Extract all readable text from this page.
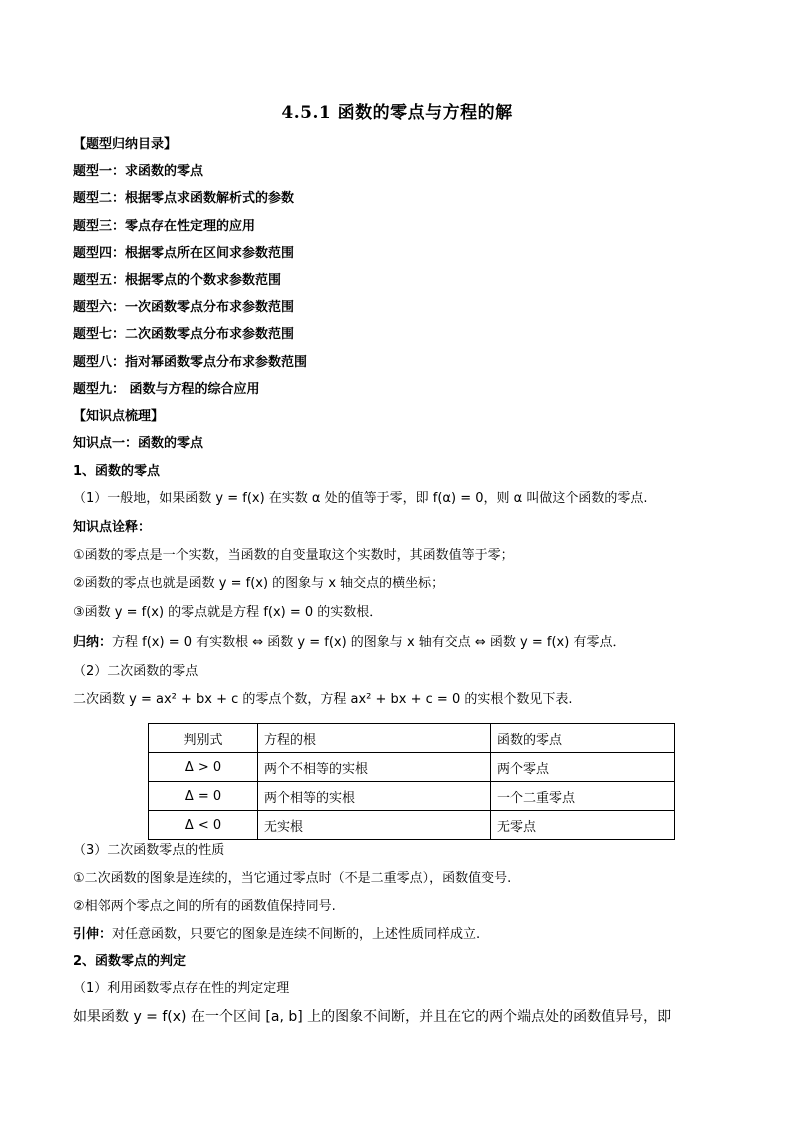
4.5.1 函数的零点与方程的解
【题型归纳目录】
题型一：求函数的零点
题型二：根据零点求函数解析式的参数
题型三：零点存在性定理的应用
题型四：根据零点所在区间求参数范围
题型五：根据零点的个数求参数范围
题型六：一次函数零点分布求参数范围
题型七：二次函数零点分布求参数范围
题型八：指对幂函数零点分布求参数范围
题型九： 函数与方程的综合应用
【知识点梳理】
知识点一：函数的零点
1、函数的零点
（1）一般地，如果函数 y = f(x) 在实数 α 处的值等于零，即 f(α) = 0，则 α 叫做这个函数的零点.
知识点诠释：
①函数的零点是一个实数，当函数的自变量取这个实数时，其函数值等于零；
②函数的零点也就是函数 y = f(x) 的图象与 x 轴交点的横坐标；
③函数 y = f(x) 的零点就是方程 f(x) = 0 的实数根．
归纳：方程 f(x) = 0 有实数根 ⇔ 函数 y = f(x) 的图象与 x 轴有交点 ⇔ 函数 y = f(x) 有零点．
（2）二次函数的零点
二次函数 y = ax² + bx + c 的零点个数，方程 ax² + bx + c = 0 的实根个数见下表.
判别式	方程的根	函数的零点
Δ > 0	两个不相等的实根	两个零点
Δ = 0	两个相等的实根	一个二重零点
Δ < 0	无实根	无零点
（3）二次函数零点的性质
①二次函数的图象是连续的，当它通过零点时（不是二重零点），函数值变号.
②相邻两个零点之间的所有的函数值保持同号.
引伸：对任意函数，只要它的图象是连续不间断的，上述性质同样成立.
2、函数零点的判定
（1）利用函数零点存在性的判定定理
如果函数 y = f(x) 在一个区间 [a, b] 上的图象不间断，并且在它的两个端点处的函数值异号，即
